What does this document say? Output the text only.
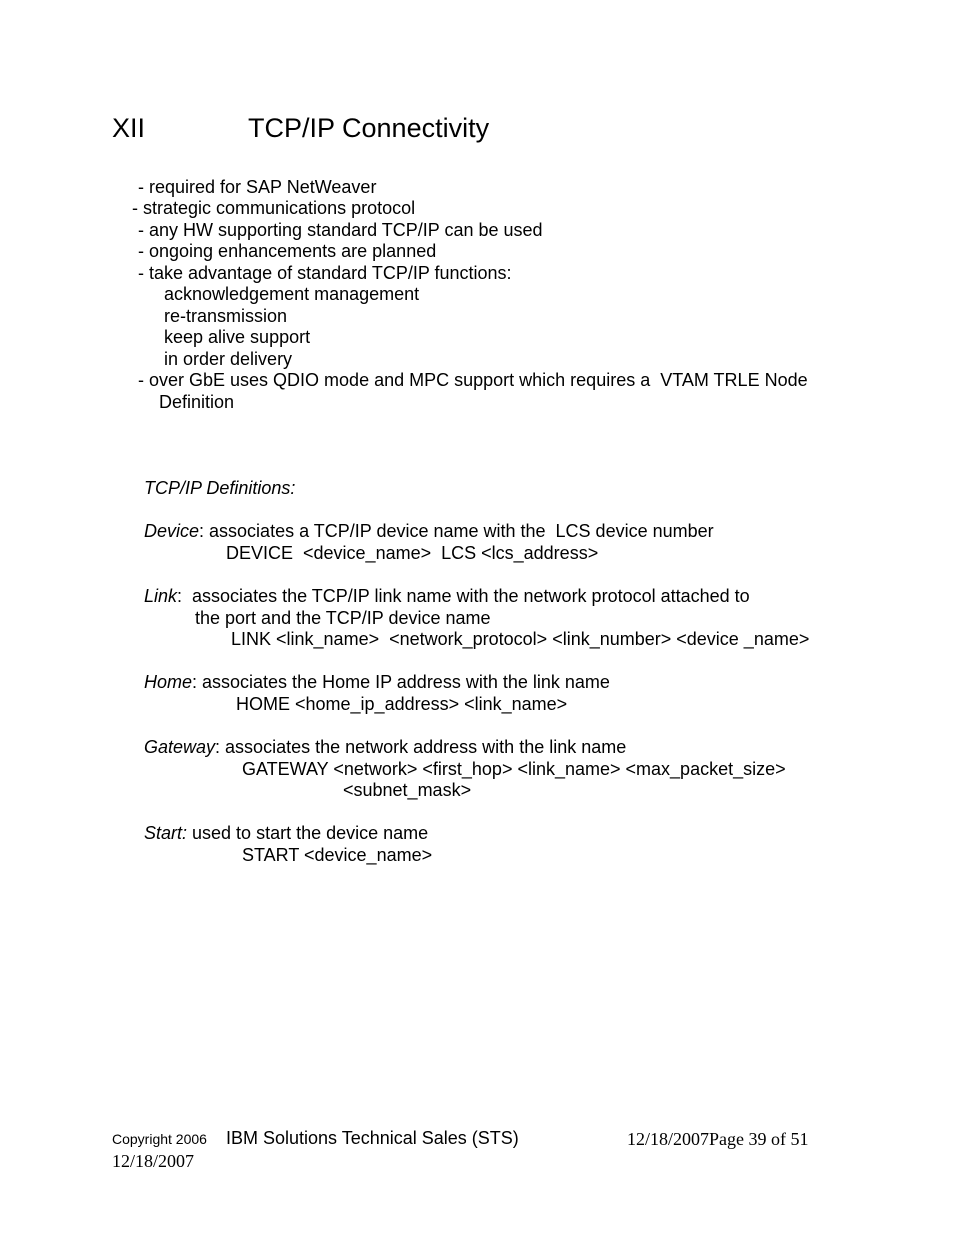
XII	TCP/IP Connectivity
- required for SAP NetWeaver
- strategic communications protocol
- any HW supporting standard TCP/IP can be used
- ongoing enhancements are planned
- take advantage of standard TCP/IP functions:
acknowledgement management
re-transmission
keep alive support
in order delivery
- over GbE uses QDIO mode and MPC support which requires a  VTAM TRLE Node
Definition
TCP/IP Definitions:
Device: associates a TCP/IP device name with the  LCS device number
DEVICE  <device_name>  LCS <lcs_address>
Link:  associates the TCP/IP link name with the network protocol attached to
the port and the TCP/IP device name
LINK <link_name>  <network_protocol> <link_number> <device _name>
Home: associates the Home IP address with the link name
HOME <home_ip_address> <link_name>
Gateway: associates the network address with the link name
GATEWAY <network> <first_hop> <link_name> <max_packet_size>
<subnet_mask>
Start: used to start the device name
START <device_name>
Copyright 2006 IBM Solutions Technical Sales (STS)	12/18/2007Page 39 of 51
12/18/2007
